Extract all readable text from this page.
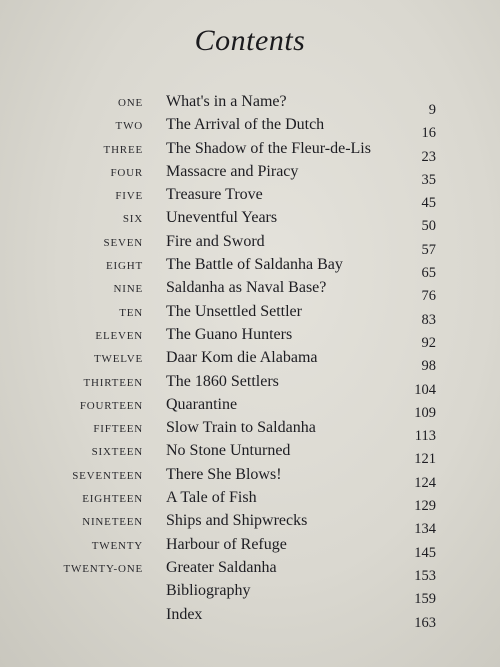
Contents
ONE What's in a Name?	9
TWO The Arrival of the Dutch	16
THREE The Shadow of the Fleur-de-Lis	23
FOUR Massacre and Piracy	35
FIVE Treasure Trove	45
SIX Uneventful Years	50
SEVEN Fire and Sword	57
EIGHT The Battle of Saldanha Bay	65
NINE Saldanha as Naval Base?	76
TEN The Unsettled Settler	83
ELEVEN The Guano Hunters	92
TWELVE Daar Kom die Alabama	98
THIRTEEN The 1860 Settlers	104
FOURTEEN Quarantine	109
FIFTEEN Slow Train to Saldanha	113
SIXTEEN No Stone Unturned	121
SEVENTEEN There She Blows!	124
EIGHTEEN A Tale of Fish	129
NINETEEN Ships and Shipwrecks	134
TWENTY Harbour of Refuge	145
TWENTY-ONE Greater Saldanha	153
Bibliography	159
Index	163
